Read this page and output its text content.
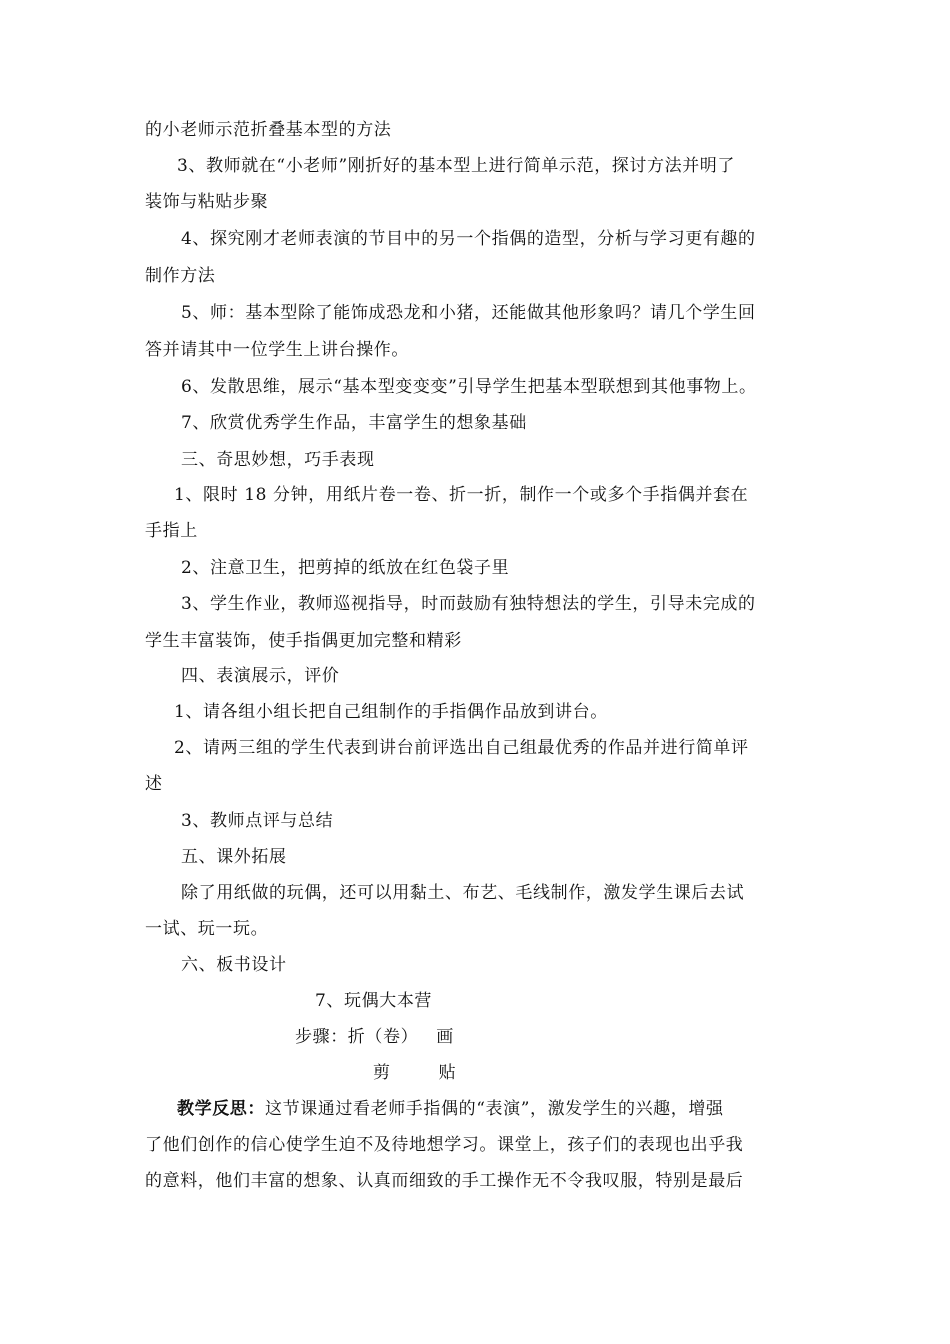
的小老师示范折叠基本型的方法
3、教师就在“小老师”刚折好的基本型上进行简单示范，探讨方法并明了
装饰与粘贴步聚
4、探究刚才老师表演的节目中的另一个指偶的造型，分析与学习更有趣的
制作方法
5、师：基本型除了能饰成恐龙和小猪，还能做其他形象吗？请几个学生回
答并请其中一位学生上讲台操作。
6、发散思维，展示“基本型变变变”引导学生把基本型联想到其他事物上。
7、欣赏优秀学生作品，丰富学生的想象基础
三、奇思妙想，巧手表现
1、限时 18 分钟，用纸片卷一卷、折一折，制作一个或多个手指偶并套在
手指上
2、注意卫生，把剪掉的纸放在红色袋子里
3、学生作业，教师巡视指导，时而鼓励有独特想法的学生，引导未完成的
学生丰富装饰，使手指偶更加完整和精彩
四、表演展示，评价
1、请各组小组长把自己组制作的手指偶作品放到讲台。
2、请两三组的学生代表到讲台前评选出自己组最优秀的作品并进行简单评
述
3、教师点评与总结
五、课外拓展
除了用纸做的玩偶，还可以用黏土、布艺、毛线制作，激发学生课后去试
一试、玩一玩。
六、板书设计
7、玩偶大本营
步骤：折（卷）   画
剪        贴
教学反思：这节课通过看老师手指偶的“表演”，激发学生的兴趣，增强
了他们创作的信心使学生迫不及待地想学习。课堂上，孩子们的表现也出乎我
的意料，他们丰富的想象、认真而细致的手工操作无不令我叹服，特别是最后
